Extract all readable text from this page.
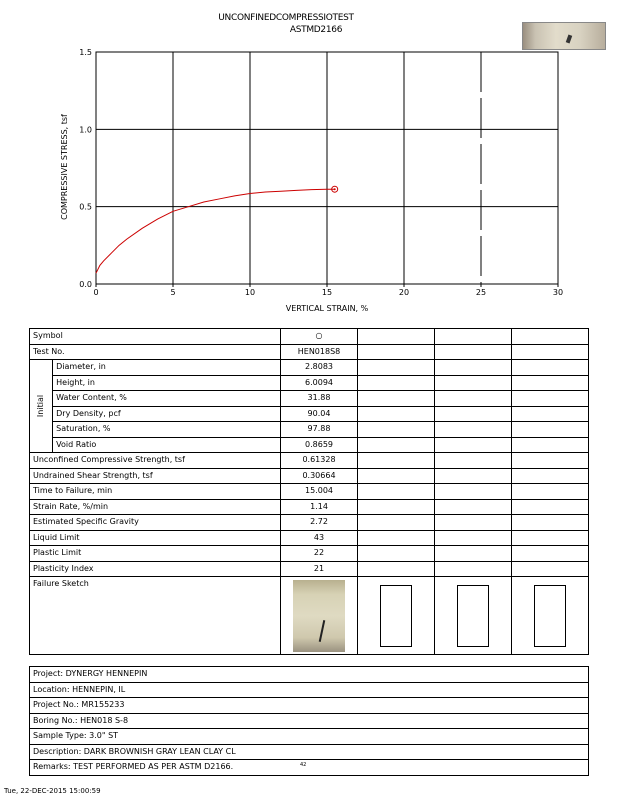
UNCONFINEDCOMPRESSIOTEST
ASTMD2166
0	5	10	15	20	25	30
0.0
0.5
1.0
1.5
VERTICAL STRAIN, %
COMPRESSIVE STRESS, tsf
Symbol		○			
Test No.		HEN018S8			
Initial	Diameter, in	2.8083			
	Height, in	6.0094			
	Water Content, %	31.88			
	Dry Density, pcf	90.04			
	Saturation, %	97.88			
	Void Ratio	0.8659			
Unconfined Compressive Strength, tsf		0.61328			
Undrained Shear Strength, tsf		0.30664			
Time to Failure, min		15.004			
Strain Rate, %/min		1.14			
Estimated Specific Gravity		2.72			
Liquid Limit		43			
Plastic Limit		22			
Plasticity Index		21			
Failure Sketch		

Project: DYNERGY HENNEPIN
Location: HENNEPIN, IL
Project No.: MR155233
Boring No.: HEN018 S-8
Sample Type: 3.0" ST
Description: DARK BROWNISH GRAY LEAN CLAY CL
Remarks: TEST PERFORMED AS PER ASTM D2166.	42
Tue, 22-DEC-2015 15:00:59
